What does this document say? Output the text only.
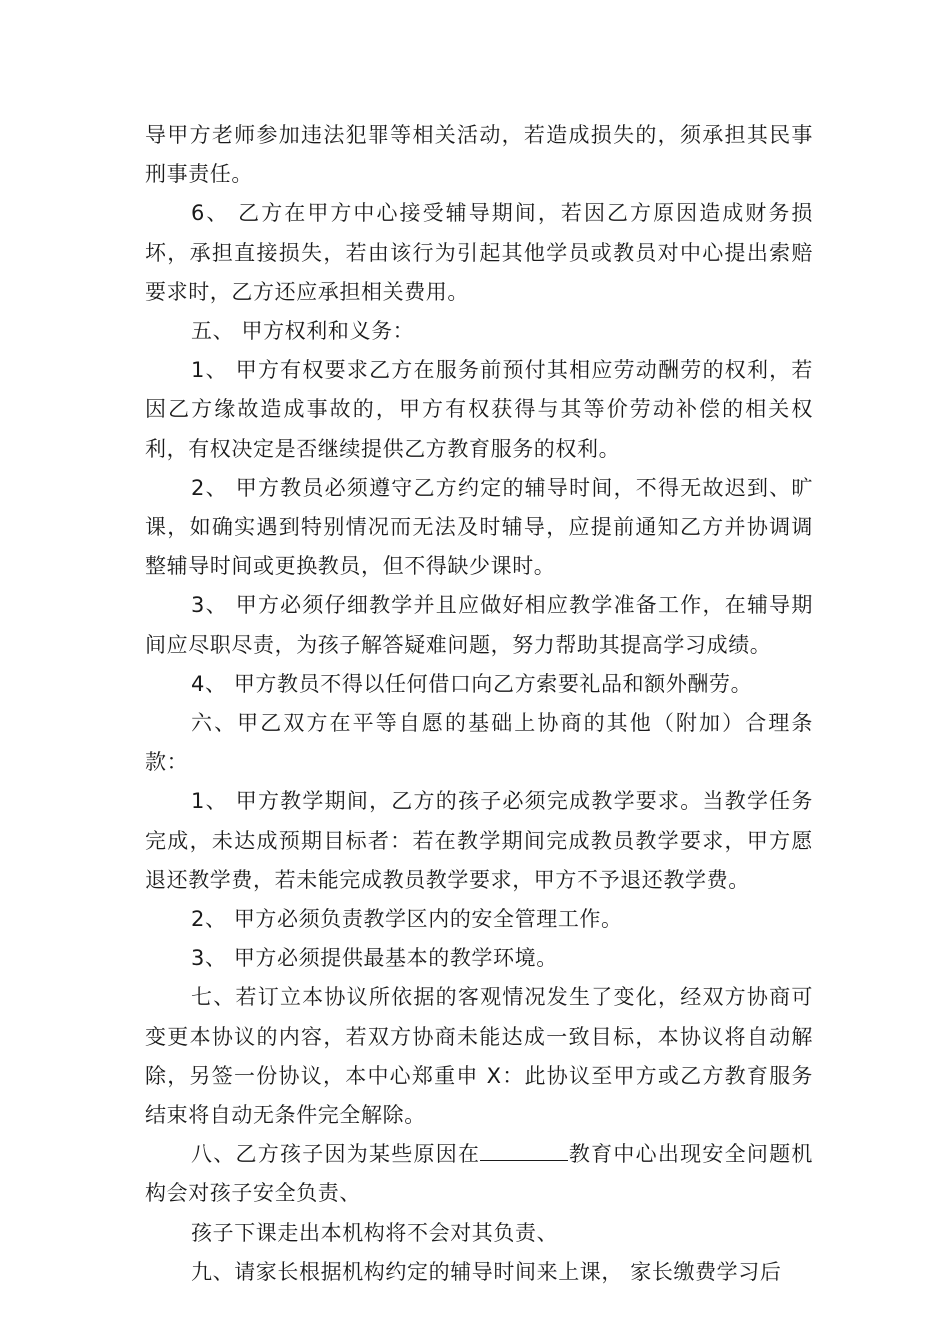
导甲方老师参加违法犯罪等相关活动，若造成损失的，须承担其民事刑事责任。

6、 乙方在甲方中心接受辅导期间，若因乙方原因造成财务损坏，承担直接损失，若由该行为引起其他学员或教员对中心提出索赔要求时，乙方还应承担相关费用。

五、 甲方权利和义务：

1、 甲方有权要求乙方在服务前预付其相应劳动酬劳的权利，若因乙方缘故造成事故的，甲方有权获得与其等价劳动补偿的相关权利，有权决定是否继续提供乙方教育服务的权利。

2、 甲方教员必须遵守乙方约定的辅导时间，不得无故迟到、旷课，如确实遇到特别情况而无法及时辅导，应提前通知乙方并协调调整辅导时间或更换教员，但不得缺少课时。

3、 甲方必须仔细教学并且应做好相应教学准备工作，在辅导期间应尽职尽责，为孩子解答疑难问题，努力帮助其提高学习成绩。

4、 甲方教员不得以任何借口向乙方索要礼品和额外酬劳。

六、甲乙双方在平等自愿的基础上协商的其他（附加）合理条款：

1、 甲方教学期间，乙方的孩子必须完成教学要求。当教学任务完成，未达成预期目标者：若在教学期间完成教员教学要求，甲方愿退还教学费，若未能完成教员教学要求，甲方不予退还教学费。

2、 甲方必须负责教学区内的安全管理工作。

3、 甲方必须提供最基本的教学环境。

七、若订立本协议所依据的客观情况发生了变化，经双方协商可变更本协议的内容，若双方协商未能达成一致目标，本协议将自动解除，另签一份协议，本中心郑重申 X：此协议至甲方或乙方教育服务结束将自动无条件完全解除。

八、乙方孩子因为某些原因在	教育中心出现安全问题机构会对孩子安全负责、

孩子下课走出本机构将不会对其负责、

九、请家长根据机构约定的辅导时间来上课， 家长缴费学习后
